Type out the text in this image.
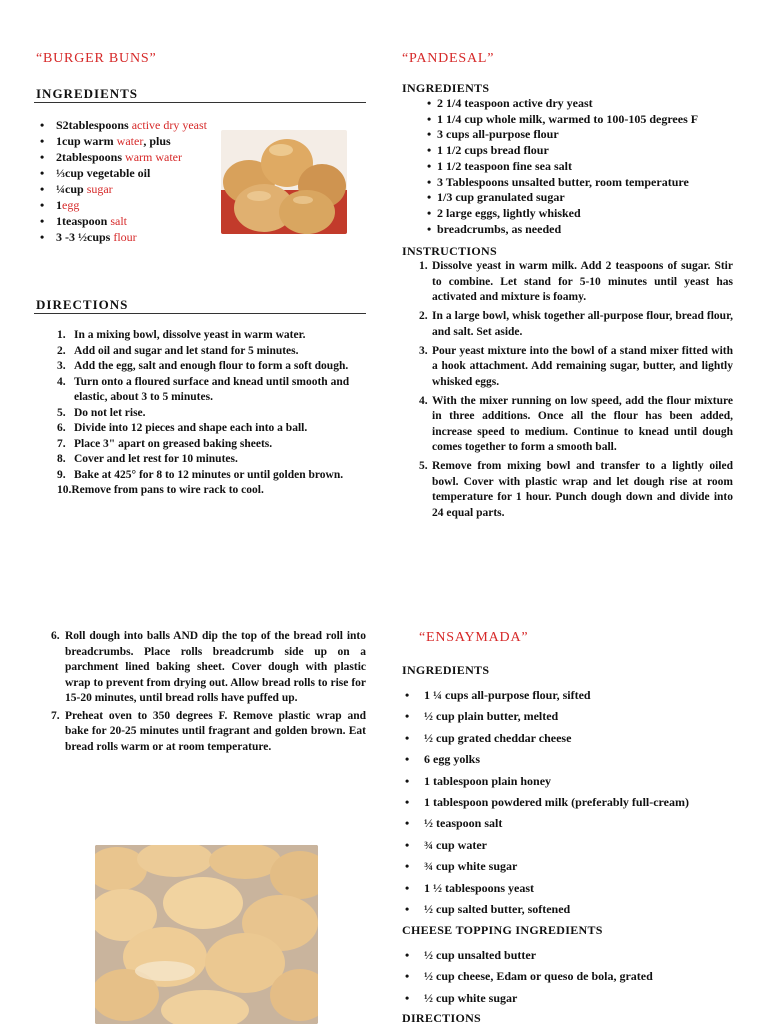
“BURGER BUNS”
INGREDIENTS
• S2tablespoons active dry yeast
• 1cup warm water, plus
• 2tablespoons warm water
• ⅓cup vegetable oil
• ¼cup sugar
• 1egg
• 1teaspoon salt
• 3 -3 ½cups flour
DIRECTIONS
1. In a mixing bowl, dissolve yeast in warm water.
2. Add oil and sugar and let stand for 5 minutes.
3. Add the egg, salt and enough flour to form a soft dough.
4. Turn onto a floured surface and knead until smooth and elastic, about 3 to 5 minutes.
5. Do not let rise.
6. Divide into 12 pieces and shape each into a ball.
7. Place 3" apart on greased baking sheets.
8. Cover and let rest for 10 minutes.
9. Bake at 425° for 8 to 12 minutes or until golden brown.
10.Remove from pans to wire rack to cool.
“PANDESAL”
INGREDIENTS
• 2 1/4 teaspoon active dry yeast
• 1 1/4 cup whole milk, warmed to 100-105 degrees F
• 3 cups all-purpose flour
• 1 1/2 cups bread flour
• 1 1/2 teaspoon fine sea salt
• 3 Tablespoons unsalted butter, room temperature
• 1/3 cup granulated sugar
• 2 large eggs, lightly whisked
• breadcrumbs, as needed
INSTRUCTIONS
1. Dissolve yeast in warm milk. Add 2 teaspoons of sugar. Stir to combine. Let stand for 5-10 minutes until yeast has activated and mixture is foamy.
2. In a large bowl, whisk together all-purpose flour, bread flour, and salt. Set aside.
3. Pour yeast mixture into the bowl of a stand mixer fitted with a hook attachment. Add remaining sugar, butter, and lightly whisked eggs.
4. With the mixer running on low speed, add the flour mixture in three additions. Once all the flour has been added, increase speed to medium. Continue to knead until dough comes together to form a smooth ball.
5. Remove from mixing bowl and transfer to a lightly oiled bowl. Cover with plastic wrap and let dough rise at room temperature for 1 hour. Punch dough down and divide into 24 equal parts.
6. Roll dough into balls AND dip the top of the bread roll into breadcrumbs. Place rolls breadcrumb side up on a parchment lined baking sheet. Cover dough with plastic wrap to prevent from drying out. Allow bread rolls to rise for 15-20 minutes, until bread rolls have puffed up.
7. Preheat oven to 350 degrees F. Remove plastic wrap and bake for 20-25 minutes until fragrant and golden brown. Eat bread rolls warm or at room temperature.
“ENSAYMADA”
INGREDIENTS
• 1 ¼ cups all-purpose flour, sifted
• ½ cup plain butter, melted
• ½ cup grated cheddar cheese
• 6 egg yolks
• 1 tablespoon plain honey
• 1 tablespoon powdered milk (preferably full-cream)
• ½ teaspoon salt
• ¾ cup water
• ¾ cup white sugar
• 1 ½ tablespoons yeast
• ½ cup salted butter, softened
CHEESE TOPPING INGREDIENTS
• ½ cup unsalted butter
• ½ cup cheese, Edam or queso de bola, grated
• ½ cup white sugar
DIRECTIONS
